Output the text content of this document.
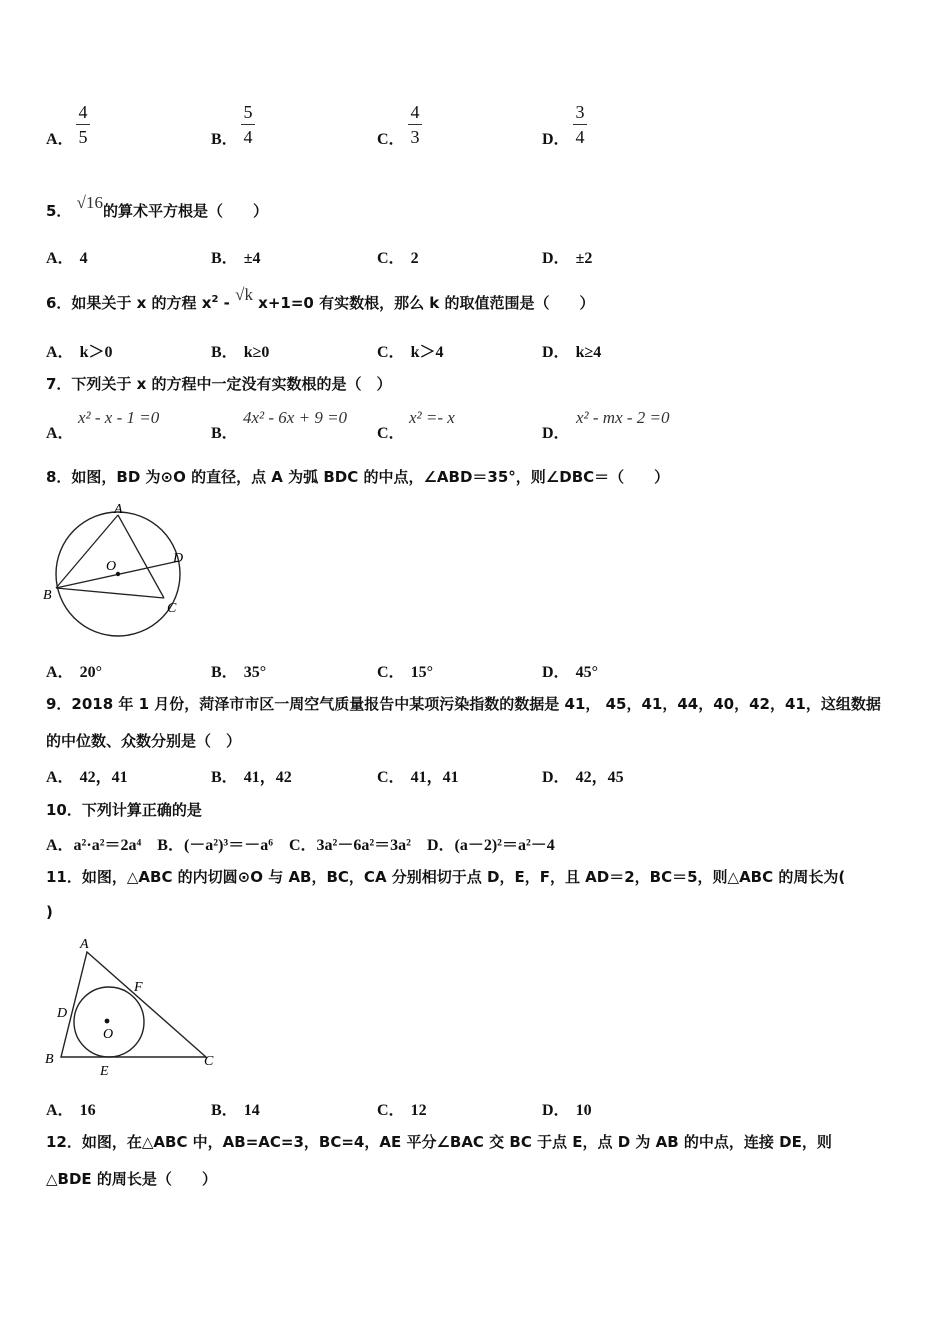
A．
4
5	B．
5
4	C．
4
3	D．
3
4
5． √16的算术平方根是（　　）
A． 4	B． ±4	C． 2	D． ±2
6．如果关于 x 的方程 $x^2 - √k$ x+1=0 有实数根，那么 k 的取值范围是（　　）
A． k＞0	B． k≥0	C． k＞4	D． k≥4
7．下列关于 x 的方程中一定没有实数根的是（　）
A．
x² - x - 1 =0
B．
4x² - 6x + 9 =0
C．
x² =- x
D．
x² - mx - 2 =0
8．如图，BD 为⊙O 的直径，点 A 为弧 BDC 的中点，∠ABD＝35°，则∠DBC＝（　　）
A
B
C
D
O
A． 20°	B． 35°	C． 15°	D． 45°
9．2018 年 1 月份，菏泽市市区一周空气质量报告中某项污染指数的数据是 41， 45，41，44，40，42，41，这组数据
的中位数、众数分别是（　）
A． 42，41	B． 41，42	C． 41，41	D． 42，45
10．下列计算正确的是
A．a²·a²＝2a⁴　B．(－a²)³＝－a⁶　C．3a²－6a²＝3a²　D．(a－2)²＝a²－4
11．如图，△ABC 的内切圆⊙O 与 AB，BC，CA 分别相切于点 D，E，F，且 AD＝2，BC＝5，则△ABC 的周长为(
)
A
B	C
D
E
F
O
A． 16	B． 14	C． 12	D． 10
12．如图，在△ABC 中，AB=AC=3，BC=4，AE 平分∠BAC 交 BC 于点 E，点 D 为 AB 的中点，连接 DE，则
△BDE 的周长是（　　）
